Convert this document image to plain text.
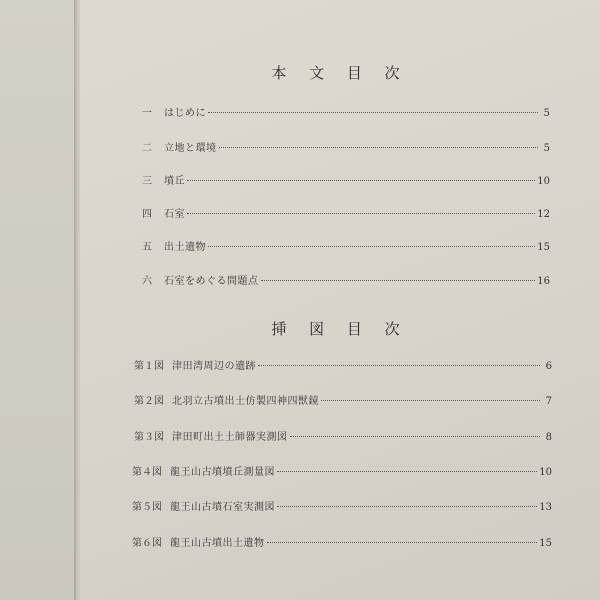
本 文 目 次
一	はじめに	5
二	立地と環境	5
三	墳丘	10
四	石室	12
五	出土遺物	15
六	石室をめぐる問題点	16
挿 図 目 次
第１図 津田湾周辺の遺跡	6
第２図 北羽立古墳出土仿製四神四獣鏡	7
第３図 津田町出土土師器実測図	8
第４図 龍王山古墳墳丘測量図	10
第５図 龍王山古墳石室実測図	13
第６図 龍王山古墳出土遺物	15
